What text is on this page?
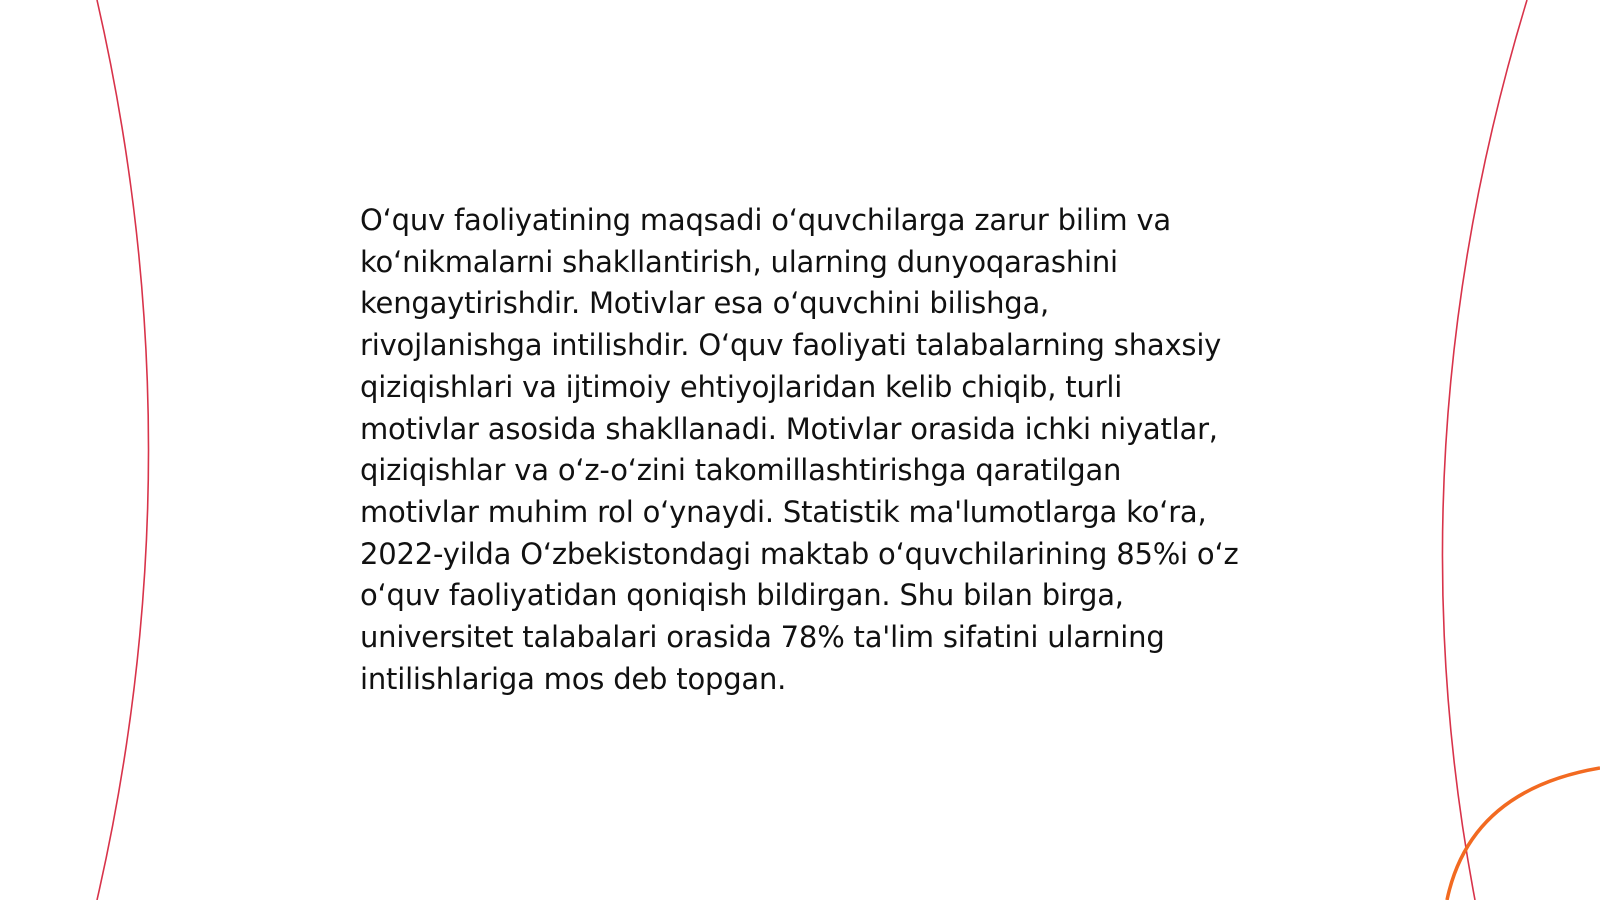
O‘quv faoliyatining maqsadi o‘quvchilarga zarur bilim va ko‘nikmalarni shakllantirish, ularning dunyoqarashini kengaytirishdir. Motivlar esa o‘quvchini bilishga, rivojlanishga intilishdir. O‘quv faoliyati talabalarning shaxsiy qiziqishlari va ijtimoiy ehtiyojlaridan kelib chiqib, turli motivlar asosida shakllanadi. Motivlar orasida ichki niyatlar, qiziqishlar va o‘z-o‘zini takomillashtirishga qaratilgan motivlar muhim rol o‘ynaydi. Statistik ma'lumotlarga ko‘ra, 2022-yilda O‘zbekistondagi maktab o‘quvchilarining 85%i o‘z o‘quv faoliyatidan qoniqish bildirgan. Shu bilan birga, universitet talabalari orasida 78% ta'lim sifatini ularning intilishlariga mos deb topgan.
